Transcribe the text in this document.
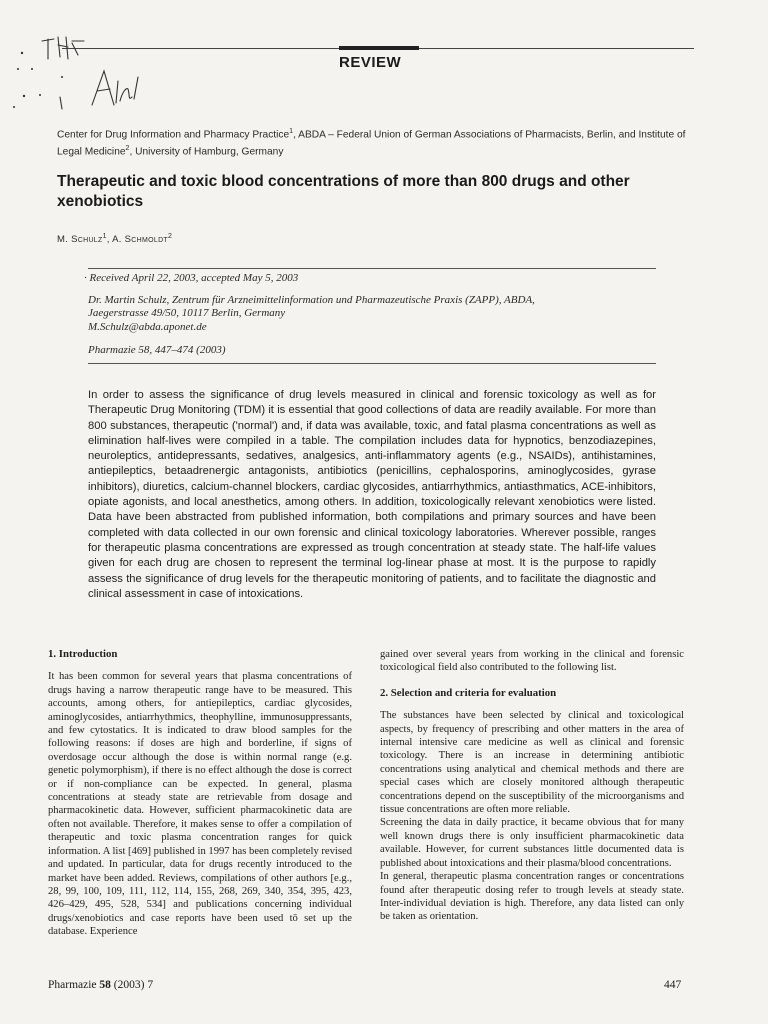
REVIEW
Center for Drug Information and Pharmacy Practice$^1$, ABDA – Federal Union of German Associations of Pharmacists, Berlin, and Institute of Legal Medicine$^2$, University of Hamburg, Germany
Therapeutic and toxic blood concentrations of more than 800 drugs and other xenobiotics
M. Schulz$^1$, A. Schmoldt$^2$

· Received April 22, 2003, accepted May 5, 2003

Dr. Martin Schulz, Zentrum für Arzneimittelinformation und Pharmazeutische Praxis (ZAPP), ABDA,

Jaegerstrasse 49/50, 10117 Berlin, Germany

M.Schulz@abda.aponet.de

Pharmazie 58, 447–474 (2003)

In order to assess the significance of drug levels measured in clinical and forensic toxicology as well as for Therapeutic Drug Monitoring (TDM) it is essential that good collections of data are readily available. For more than 800 substances, therapeutic ('normal') and, if data was available, toxic, and fatal plasma concentrations as well as elimination half-lives were compiled in a table. The compilation includes data for hypnotics, benzodiazepines, neuroleptics, antidepressants, sedatives, analgesics, anti-inflammatory agents (e.g., NSAIDs), antihistamines, antiepileptics, betaadrenergic antagonists, antibiotics (penicillins, cephalosporins, aminoglycosides, gyrase inhibitors), diuretics, calcium-channel blockers, cardiac glycosides, antiarrhythmics, antiasthmatics, ACE-inhibitors, opiate agonists, and local anesthetics, among others. In addition, toxicologically relevant xenobiotics were listed. Data have been abstracted from published information, both compilations and primary sources and have been completed with data collected in our own forensic and clinical toxicology laboratories. Wherever possible, ranges for therapeutic plasma concentrations are expressed as trough concentration at steady state. The half-life values given for each drug are chosen to represent the terminal log-linear phase at most. It is the purpose to rapidly assess the significance of drug levels for the therapeutic monitoring of patients, and to facilitate the diagnostic and clinical assessment in case of intoxications.
1. Introduction

It has been common for several years that plasma concentrations of drugs having a narrow therapeutic range have to be measured. This accounts, among others, for antiepileptics, cardiac glycosides, aminoglycosides, antiarrhythmics, theophylline, immunosuppressants, and few cytostatics. It is indicated to draw blood samples for the following reasons: if doses are high and borderline, if signs of overdosage occur although the dose is within normal range (e.g. genetic polymorphism), if there is no effect although the dose is correct or if non-compliance can be expected. In general, plasma concentrations at steady state are retrievable from dosage and pharmacokinetic data. However, sufficient pharmacokinetic data are often not available. Therefore, it makes sense to offer a compilation of therapeutic and toxic plasma concentration ranges for quick information. A list [469] published in 1997 has been completely revised and updated. In particular, data for drugs recently introduced to the market have been added. Reviews, compilations of other authors [e.g., 28, 99, 100, 109, 111, 112, 114, 155, 268, 269, 340, 354, 395, 423, 426–429, 495, 528, 534] and publications concerning individual drugs/xenobiotics and case reports have been used tō set up the database. Experience

gained over several years from working in the clinical and forensic toxicological field also contributed to the following list.

2. Selection and criteria for evaluation

The substances have been selected by clinical and toxicological aspects, by frequency of prescribing and other matters in the area of internal intensive care medicine as well as clinical and forensic toxicology. There is an increase in determining antibiotic concentrations using analytical and chemical methods and there are special cases which are closely monitored although therapeutic concentrations depend on the susceptibility of the microorganisms and tissue concentrations are often more reliable.

Screening the data in daily practice, it became obvious that for many well known drugs there is only insufficient pharmacokinetic data available. However, for current substances little documented data is published about intoxications and their plasma/blood concentrations.

In general, therapeutic plasma concentration ranges or concentrations found after therapeutic dosing refer to trough levels at steady state. Inter-individual deviation is high. Therefore, any data listed can only be taken as orientation.

Pharmazie 58 (2003) 7	447
